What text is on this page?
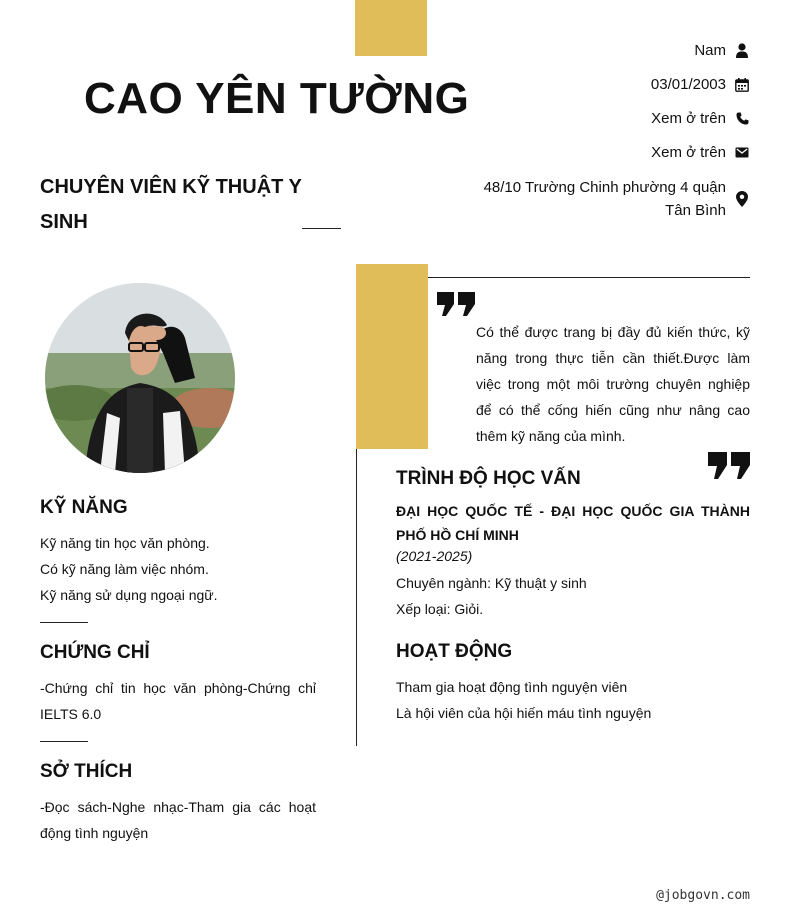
CAO YÊN TƯỜNG
CHUYÊN VIÊN KỸ THUẬT Y SINH
Nam
03/01/2003
Xem ở trên
Xem ở trên
48/10 Trường Chinh phường 4 quận Tân Bình
Có thể được trang bị đầy đủ kiến thức, kỹ năng trong thực tiễn cần thiết.Được làm việc trong một môi trường chuyên nghiệp để có thể cống hiến cũng như nâng cao thêm kỹ năng của mình.
KỸ NĂNG
Kỹ năng tin học văn phòng.
Có kỹ năng làm việc nhóm.
Kỹ năng sử dụng ngoại ngữ.
CHỨNG CHỈ
-Chứng chỉ tin học văn phòng-Chứng chỉ IELTS 6.0
SỞ THÍCH
-Đọc sách-Nghe nhạc-Tham gia các hoạt động tình nguyện
TRÌNH ĐỘ HỌC VẤN
ĐẠI HỌC QUỐC TẾ - ĐẠI HỌC QUỐC GIA THÀNH PHỐ HỒ CHÍ MINH
(2021-2025)
Chuyên ngành: Kỹ thuật y sinh
Xếp loại: Giỏi.
HOẠT ĐỘNG
Tham gia hoạt động tình nguyện viên
Là hội viên của hội hiến máu tình nguyện
@jobgovn.com
